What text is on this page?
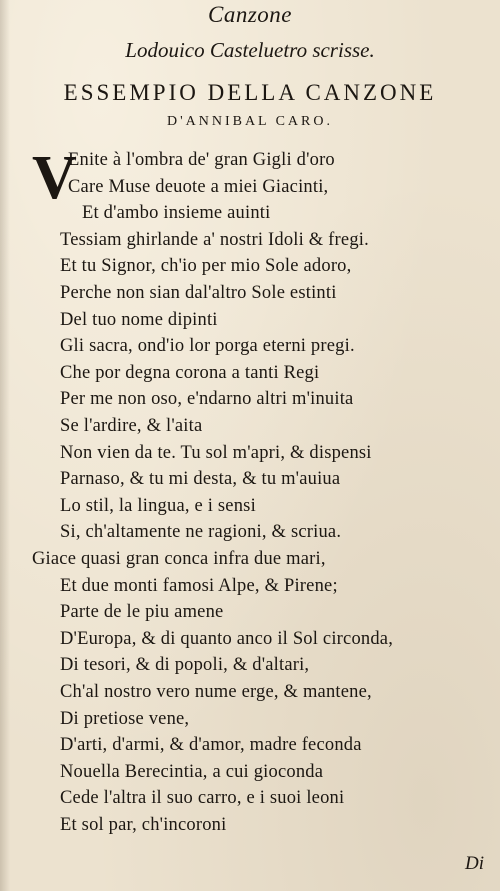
Canzone
Lodouico Casteluetro scrisse.
ESSEMPIO DELLA CANZONE
D'ANNIBAL CARO.
V
Enite à l'ombra de' gran Gigli d'oro
Care Muse deuote a miei Giacinti,
Et d'ambo insieme auinti
Tessiam ghirlande a' nostri Idoli & fregi.
Et tu Signor, ch'io per mio Sole adoro,
Perche non sian dal'altro Sole estinti
Del tuo nome dipinti
Gli sacra, ond'io lor porga eterni pregi.
Che por degna corona a tanti Regi
Per me non oso, e'ndarno altri m'inuita
Se l'ardire, & l'aita
Non vien da te. Tu sol m'apri, & dispensi
Parnaso, & tu mi desta, & tu m'auiua
Lo stil, la lingua, e i sensi
Si, ch'altamente ne ragioni, & scriua.
Giace quasi gran conca infra due mari,
Et due monti famosi Alpe, & Pirene;
Parte de le piu amene
D'Europa, & di quanto anco il Sol circonda,
Di tesori, & di popoli, & d'altari,
Ch'al nostro vero nume erge, & mantene,
Di pretiose vene,
D'arti, d'armi, & d'amor, madre feconda
Nouella Berecintia, a cui gioconda
Cede l'altra il suo carro, e i suoi leoni
Et sol par, ch'incoroni
Di
